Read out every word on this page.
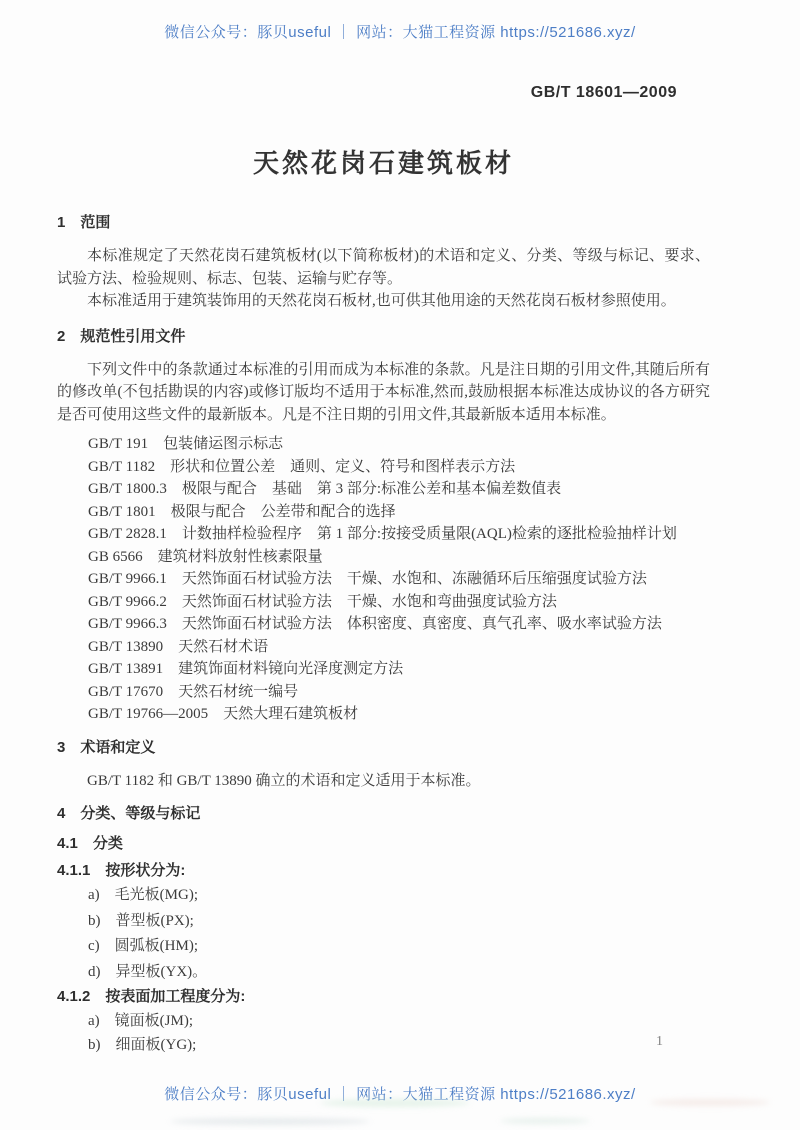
微信公众号：豚贝useful ｜ 网站：大猫工程资源 https://521686.xyz/
GB/T 18601—2009
天然花岗石建筑板材
1　范围

本标准规定了天然花岗石建筑板材(以下简称板材)的术语和定义、分类、等级与标记、要求、试验方法、检验规则、标志、包装、运输与贮存等。

本标准适用于建筑装饰用的天然花岗石板材,也可供其他用途的天然花岗石板材参照使用。

2　规范性引用文件

下列文件中的条款通过本标准的引用而成为本标准的条款。凡是注日期的引用文件,其随后所有的修改单(不包括勘误的内容)或修订版均不适用于本标准,然而,鼓励根据本标准达成协议的各方研究是否可使用这些文件的最新版本。凡是不注日期的引用文件,其最新版本适用本标准。

GB/T 191　包装储运图示标志
GB/T 1182　形状和位置公差　通则、定义、符号和图样表示方法
GB/T 1800.3　极限与配合　基础　第 3 部分:标准公差和基本偏差数值表
GB/T 1801　极限与配合　公差带和配合的选择
GB/T 2828.1　计数抽样检验程序　第 1 部分:按接受质量限(AQL)检索的逐批检验抽样计划
GB 6566　建筑材料放射性核素限量
GB/T 9966.1　天然饰面石材试验方法　干燥、水饱和、冻融循环后压缩强度试验方法
GB/T 9966.2　天然饰面石材试验方法　干燥、水饱和弯曲强度试验方法
GB/T 9966.3　天然饰面石材试验方法　体积密度、真密度、真气孔率、吸水率试验方法
GB/T 13890　天然石材术语
GB/T 13891　建筑饰面材料镜向光泽度测定方法
GB/T 17670　天然石材统一编号
GB/T 19766—2005　天然大理石建筑板材
3　术语和定义

GB/T 1182 和 GB/T 13890 确立的术语和定义适用于本标准。

4　分类、等级与标记
4.1　分类
4.1.1　按形状分为:
a)　毛光板(MG);
b)　普型板(PX);
c)　圆弧板(HM);
d)　异型板(YX)。
4.1.2　按表面加工程度分为:
a)　镜面板(JM);
b)　细面板(YG);	1
微信公众号：豚贝useful ｜ 网站：大猫工程资源 https://521686.xyz/
